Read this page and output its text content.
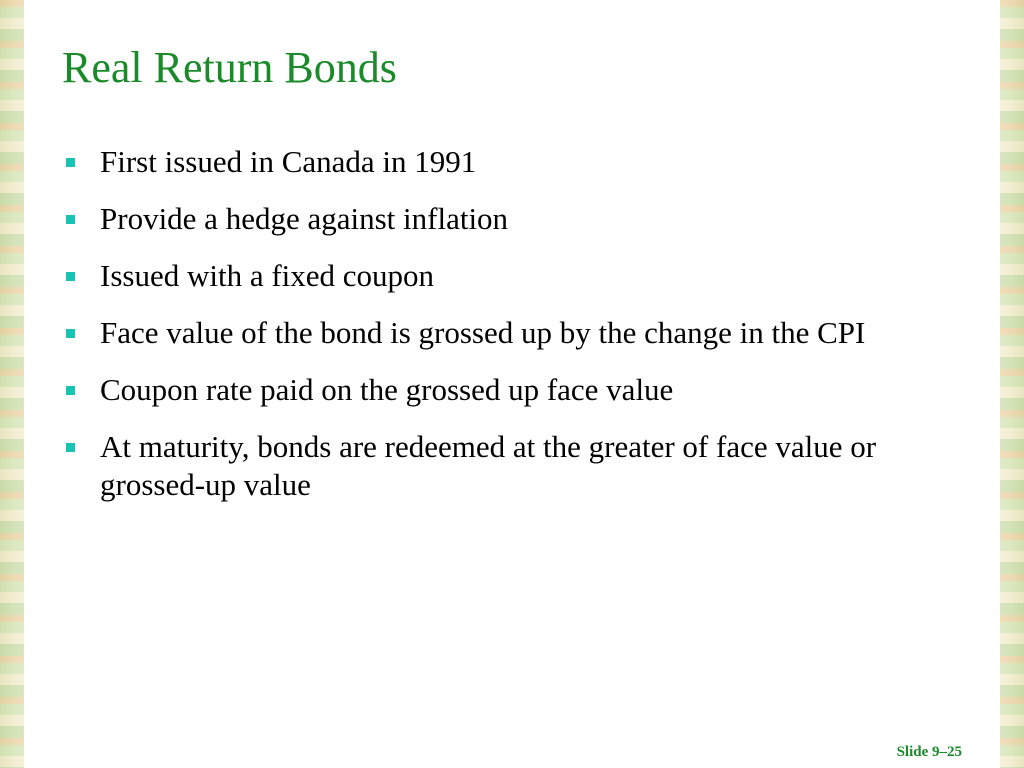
Real Return Bonds
First issued in Canada in 1991
Provide a hedge against inflation
Issued with a fixed coupon
Face value of the bond is grossed up by the change in the CPI
Coupon rate paid on the grossed up face value
At maturity, bonds are redeemed at the greater of face value or grossed-up value
Slide 9–25
